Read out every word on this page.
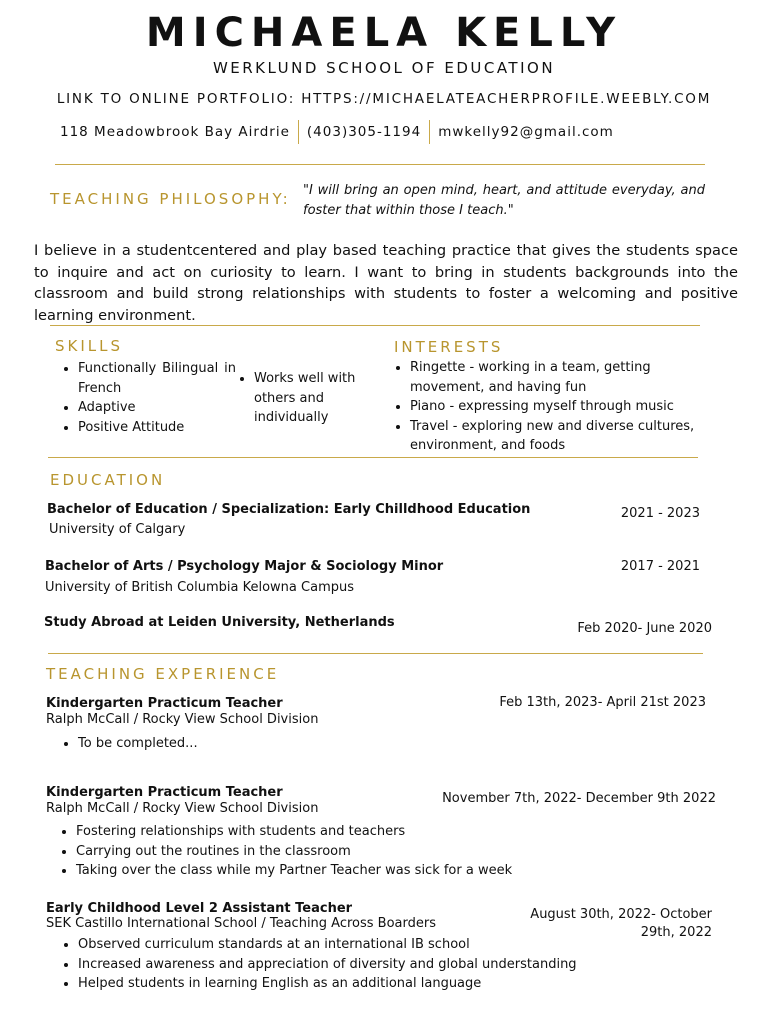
MICHAELA KELLY
WERKLUND SCHOOL OF EDUCATION
LINK TO ONLINE PORTFOLIO: HTTPS://MICHAELATEACHERPROFILE.WEEBLY.COM
118 Meadowbrook Bay Airdrie (403)305-1194 mwkelly92@gmail.com
TEACHING PHILOSOPHY: "I will bring an open mind, heart, and attitude everyday, and foster that within those I teach."
I believe in a studentcentered and play based teaching practice that gives the students space to inquire and act on curiosity to learn. I want to bring in students backgrounds into the classroom and build strong relationships with students to foster a welcoming and positive learning environment.
SKILLS
• Functionally Bilingual in French
• Adaptive
• Positive Attitude
• Works well with others and individually
INTERESTS
• Ringette - working in a team, getting movement, and having fun
• Piano - expressing myself through music
• Travel - exploring new and diverse cultures, environment, and foods
EDUCATION
Bachelor of Education / Specialization: Early Chilldhood Education
University of Calgary
2021 - 2023
Bachelor of Arts / Psychology Major & Sociology Minor
University of British Columbia Kelowna Campus
2017 - 2021
Study Abroad at Leiden University, Netherlands	Feb 2020- June 2020
TEACHING EXPERIENCE
Kindergarten Practicum Teacher
Ralph McCall / Rocky View School Division
Feb 13th, 2023- April 21st 2023
• To be completed...
Kindergarten Practicum Teacher
Ralph McCall / Rocky View School Division
November 7th, 2022- December 9th 2022
• Fostering relationships with students and teachers
• Carrying out the routines in the classroom
• Taking over the class while my Partner Teacher was sick for a week
Early Childhood Level 2 Assistant Teacher
SEK Castillo International School / Teaching Across Boarders
August 30th, 2022- October 29th, 2022
• Observed curriculum standards at an international IB school
• Increased awareness and appreciation of diversity and global understanding
• Helped students in learning English as an additional language
